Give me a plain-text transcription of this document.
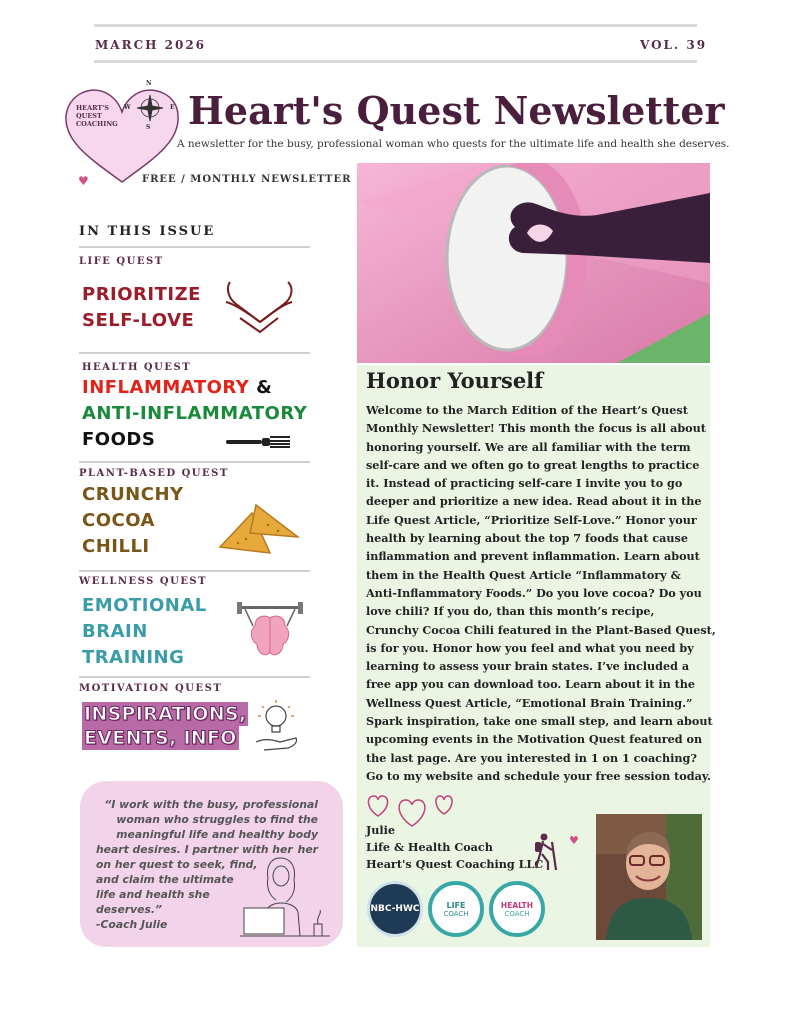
MARCH 2026	VOL. 39
N
S
E
W
HEART'S
QUEST
COACHING Heart's Quest Newsletter
A newsletter for the busy, professional woman who quests for the ultimate life and health she deserves.
♥	FREE / MONTHLY NEWSLETTER
IN THIS ISSUE
LIFE QUEST
PRIORITIZE
SELF-LOVE
HEALTH QUEST
INFLAMMATORY &
ANTI-INFLAMMATORY
FOODS
PLANT-BASED QUEST
CRUNCHY
COCOA
CHILLI
WELLNESS QUEST
EMOTIONAL
BRAIN
TRAINING
MOTIVATION QUEST
INSPIRATIONS,
EVENTS, INFO
“I work with the busy, professional
woman who struggles to find the
meaningful life and healthy body her
heart desires. I partner with her
on her quest to seek, find,
and claim the ultimate
life and health she
deserves.”
-Coach Julie
Honor Yourself
Welcome to the March Edition of the Heart’s Quest
Monthly Newsletter! This month the focus is all about
honoring yourself. We are all familiar with the term
self-care and we often go to great lengths to practice
it. Instead of practicing self-care I invite you to go
deeper and prioritize a new idea. Read about it in the
Life Quest Article, “Prioritize Self-Love.” Honor your
health by learning about the top 7 foods that cause
inflammation and prevent inflammation. Learn about
them in the Health Quest Article “Inflammatory &
Anti-Inflammatory Foods.” Do you love cocoa? Do you
love chili? If you do, than this month’s recipe,
Crunchy Cocoa Chili featured in the Plant-Based Quest,
is for you. Honor how you feel and what you need by
learning to assess your brain states. I’ve included a
free app you can download too. Learn about it in the
Wellness Quest Article, “Emotional Brain Training.”
Spark inspiration, take one small step, and learn about
upcoming events in the Motivation Quest featured on
the last page. Are you interested in 1 on 1 coaching?
Go to my website and schedule your free session today.
Julie
Life & Health Coach
Heart's Quest Coaching LLC
♥
NBC-HWC	LIFE
COACH
HEALTH
COACH
